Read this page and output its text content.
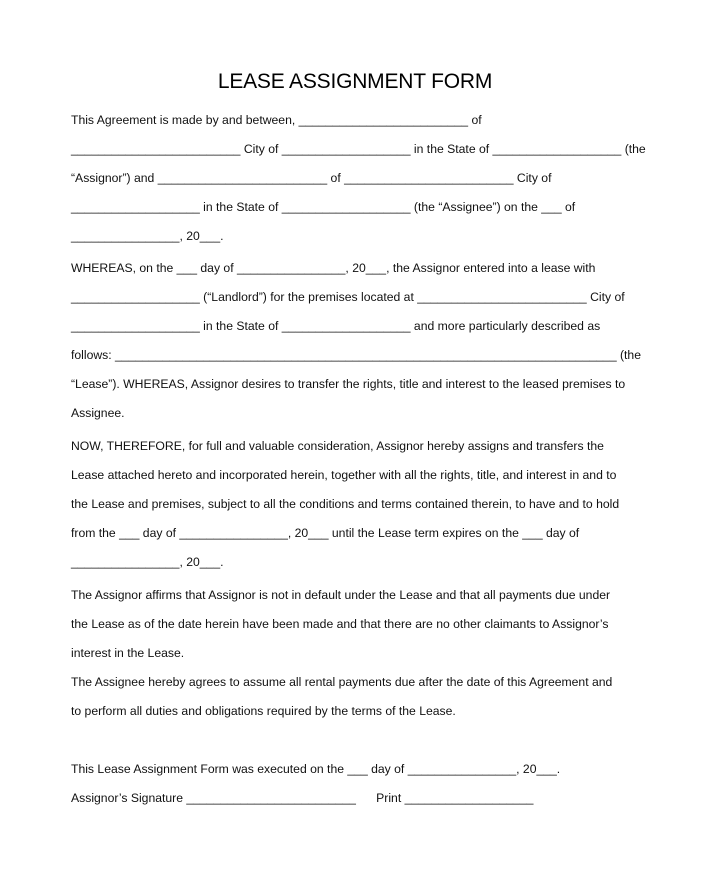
LEASE ASSIGNMENT FORM
This Agreement is made by and between, _________________________ of
_________________________ City of ___________________ in the State of ___________________ (the
“Assignor”) and _________________________ of _________________________ City of
___________________ in the State of ___________________ (the “Assignee”) on the ___ of
________________, 20___.
WHEREAS, on the ___ day of ________________, 20___, the Assignor entered into a lease with
___________________ (“Landlord”) for the premises located at _________________________ City of
___________________ in the State of ___________________ and more particularly described as
follows: __________________________________________________________________________ (the
“Lease”). WHEREAS, Assignor desires to transfer the rights, title and interest to the leased premises to
Assignee.
NOW, THEREFORE, for full and valuable consideration, Assignor hereby assigns and transfers the
Lease attached hereto and incorporated herein, together with all the rights, title, and interest in and to
the Lease and premises, subject to all the conditions and terms contained therein, to have and to hold
from the ___ day of ________________, 20___ until the Lease term expires on the ___ day of
________________, 20___.
The Assignor affirms that Assignor is not in default under the Lease and that all payments due under
the Lease as of the date herein have been made and that there are no other claimants to Assignor’s
interest in the Lease.
The Assignee hereby agrees to assume all rental payments due after the date of this Agreement and
to perform all duties and obligations required by the terms of the Lease.
This Lease Assignment Form was executed on the ___ day of ________________, 20___.
Assignor’s Signature _________________________      Print ___________________
